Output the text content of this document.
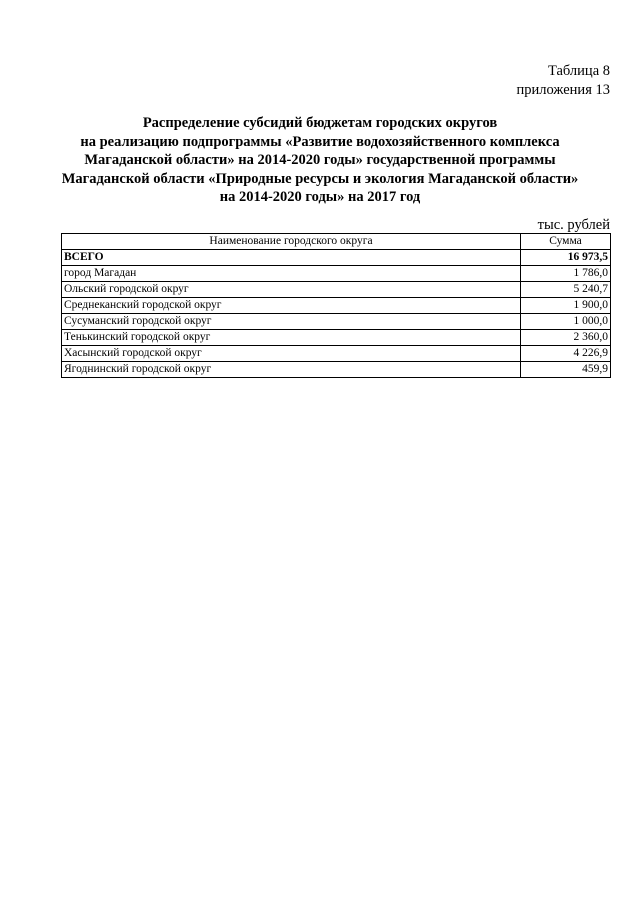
Таблица 8
приложения 13
Распределение субсидий бюджетам городских округов
на реализацию подпрограммы «Развитие водохозяйственного комплекса
Магаданской области» на 2014-2020 годы» государственной программы
Магаданской области «Природные ресурсы и экология Магаданской области»
на 2014-2020 годы» на 2017 год
тыс. рублей
Наименование городского округа	Сумма
ВСЕГО	16 973,5
город Магадан	1 786,0
Ольский городской округ	5 240,7
Среднеканский городской округ	1 900,0
Сусуманский городской округ	1 000,0
Тенькинский городской округ	2 360,0
Хасынский городской округ	4 226,9
Ягоднинский городской округ	459,9
